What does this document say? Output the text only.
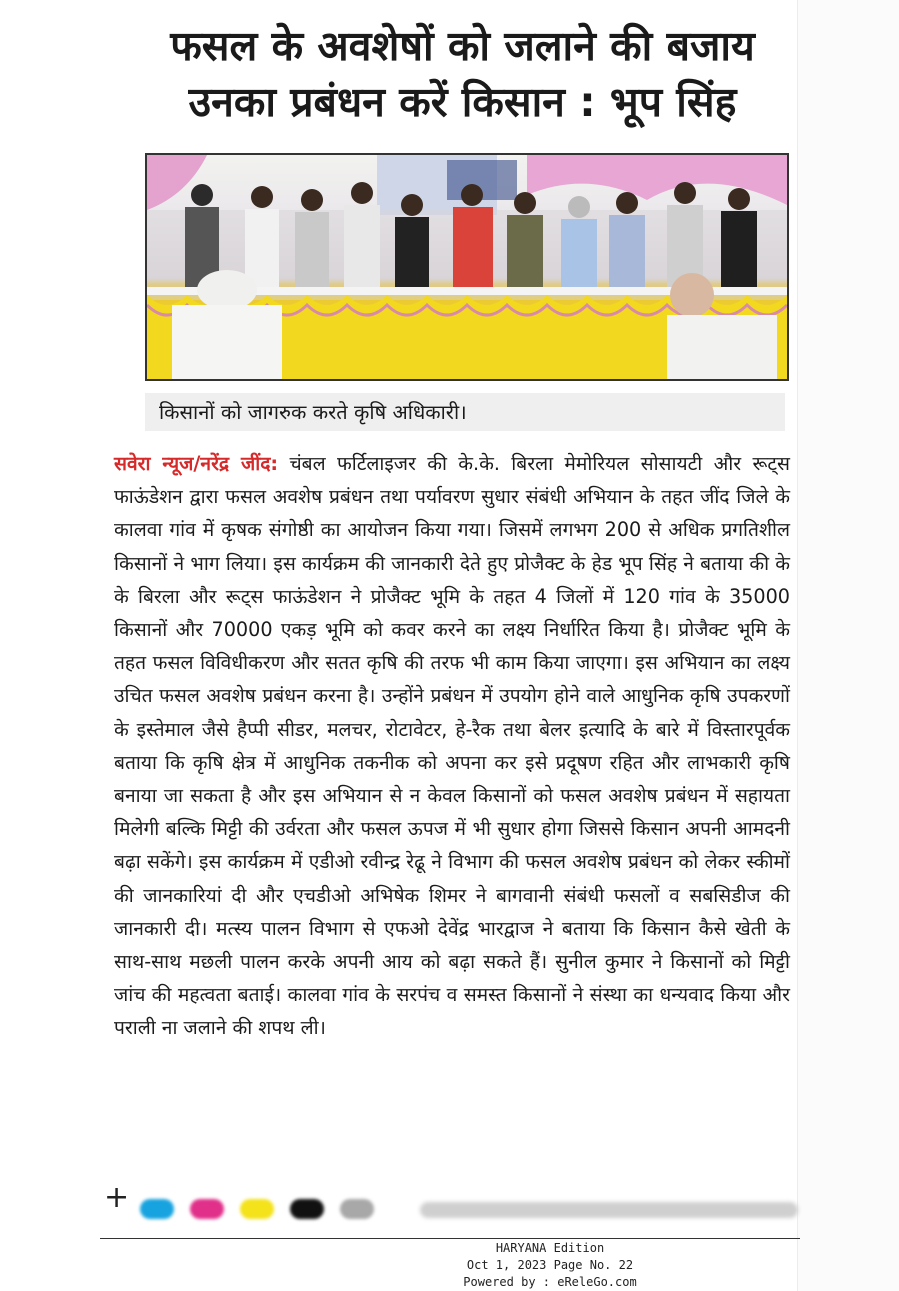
फसल के अवशेषों को जलाने की बजाय
उनका प्रबंधन करें किसान : भूप सिंह
किसानों को जागरुक करते कृषि अधिकारी।

सवेरा न्यूज/नरेंद्र जींद: चंबल फर्टिलाइजर की के.के. बिरला मेमोरियल सोसायटी और रूट्स फाऊंडेशन द्वारा फसल अवशेष प्रबंधन तथा पर्यावरण सुधार संबंधी अभियान के तहत जींद जिले के कालवा गांव में कृषक संगोष्ठी का आयोजन किया गया। जिसमें लगभग 200 से अधिक प्रगतिशील किसानों ने भाग लिया। इस कार्यक्रम की जानकारी देते हुए प्रोजैक्ट के हेड भूप सिंह ने बताया की के के बिरला और रूट्स फाऊंडेशन ने प्रोजैक्ट भूमि के तहत 4 जिलों में 120 गांव के 35000 किसानों और 70000 एकड़ भूमि को कवर करने का लक्ष्य निर्धारित किया है। प्रोजैक्ट भूमि के तहत फसल विविधीकरण और सतत कृषि की तरफ भी काम किया जाएगा। इस अभियान का लक्ष्य उचित फसल अवशेष प्रबंधन करना है। उन्होंने प्रबंधन में उपयोग होने वाले आधुनिक कृषि उपकरणों के इस्तेमाल जैसे हैप्पी सीडर, मलचर, रोटावेटर, हे-रैक तथा बेलर इत्यादि के बारे में विस्तारपूर्वक बताया कि कृषि क्षेत्र में आधुनिक तकनीक को अपना कर इसे प्रदूषण रहित और लाभकारी कृषि बनाया जा सकता है और इस अभियान से न केवल किसानों को फसल अवशेष प्रबंधन में सहायता मिलेगी बल्कि मिट्टी की उर्वरता और फसल ऊपज में भी सुधार होगा जिससे किसान अपनी आमदनी बढ़ा सकेंगे। इस कार्यक्रम में एडीओ रवीन्द्र रेढू ने विभाग की फसल अवशेष प्रबंधन को लेकर स्कीमों की जानकारियां दी और एचडीओ अभिषेक शिमर ने बागवानी संबंधी फसलों व सबसिडीज की जानकारी दी। मत्स्य पालन विभाग से एफओ देवेंद्र भारद्वाज ने बताया कि किसान कैसे खेती के साथ-साथ मछली पालन करके अपनी आय को बढ़ा सकते हैं। सुनील कुमार ने किसानों को मिट्टी जांच की महत्वता बताई। कालवा गांव के सरपंच व समस्त किसानों ने संस्था का धन्यवाद किया और पराली ना जलाने की शपथ ली।

+
HARYANA Edition
Oct 1, 2023 Page No. 22
Powered by : eReleGo.com
